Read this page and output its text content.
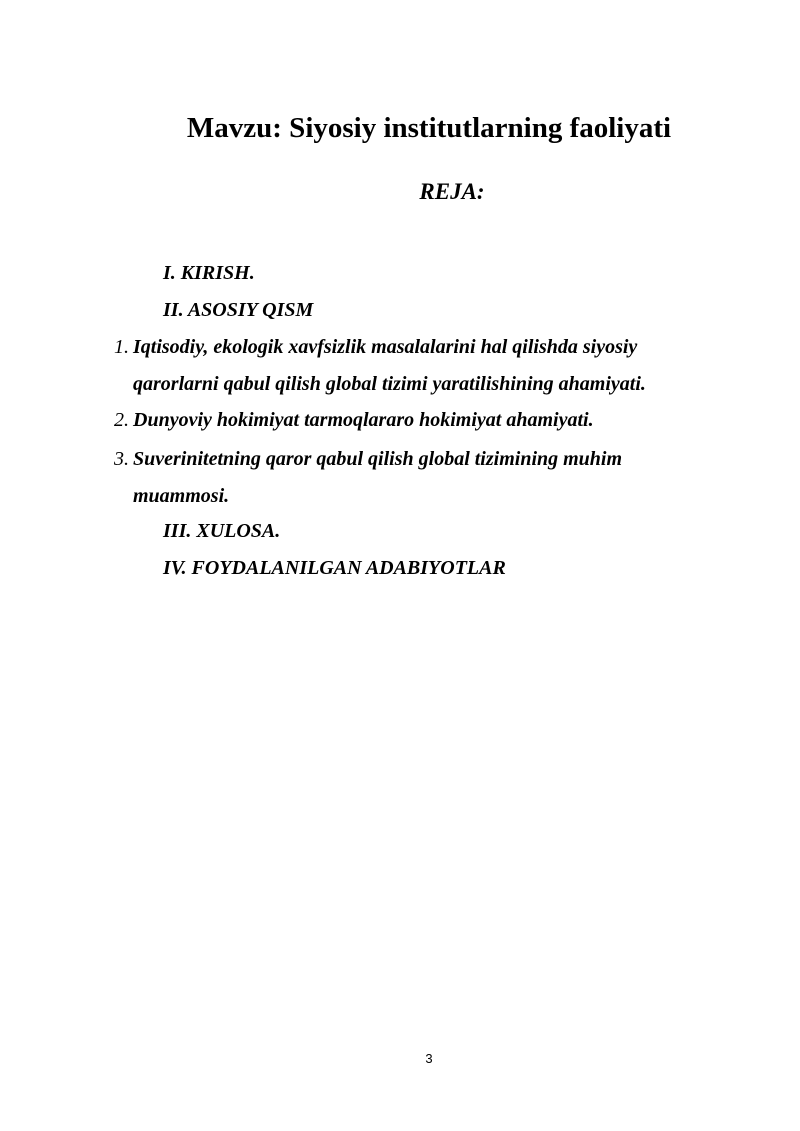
Mavzu: Siyosiy institutlarning faoliyati
REJA:
I. KIRISH.
II. ASOSIY QISM
1. Iqtisodiy, ekologik xavfsizlik masalalarini hal qilishda siyosiy qarorlarni qabul qilish global tizimi yaratilishining ahamiyati.
2. Dunyoviy hokimiyat tarmoqlararo hokimiyat ahamiyati.
3. Suverinitetning qaror qabul qilish global tizimining muhim muammosi.
III. XULOSA.
IV. FOYDALANILGAN ADABIYOTLAR
3
